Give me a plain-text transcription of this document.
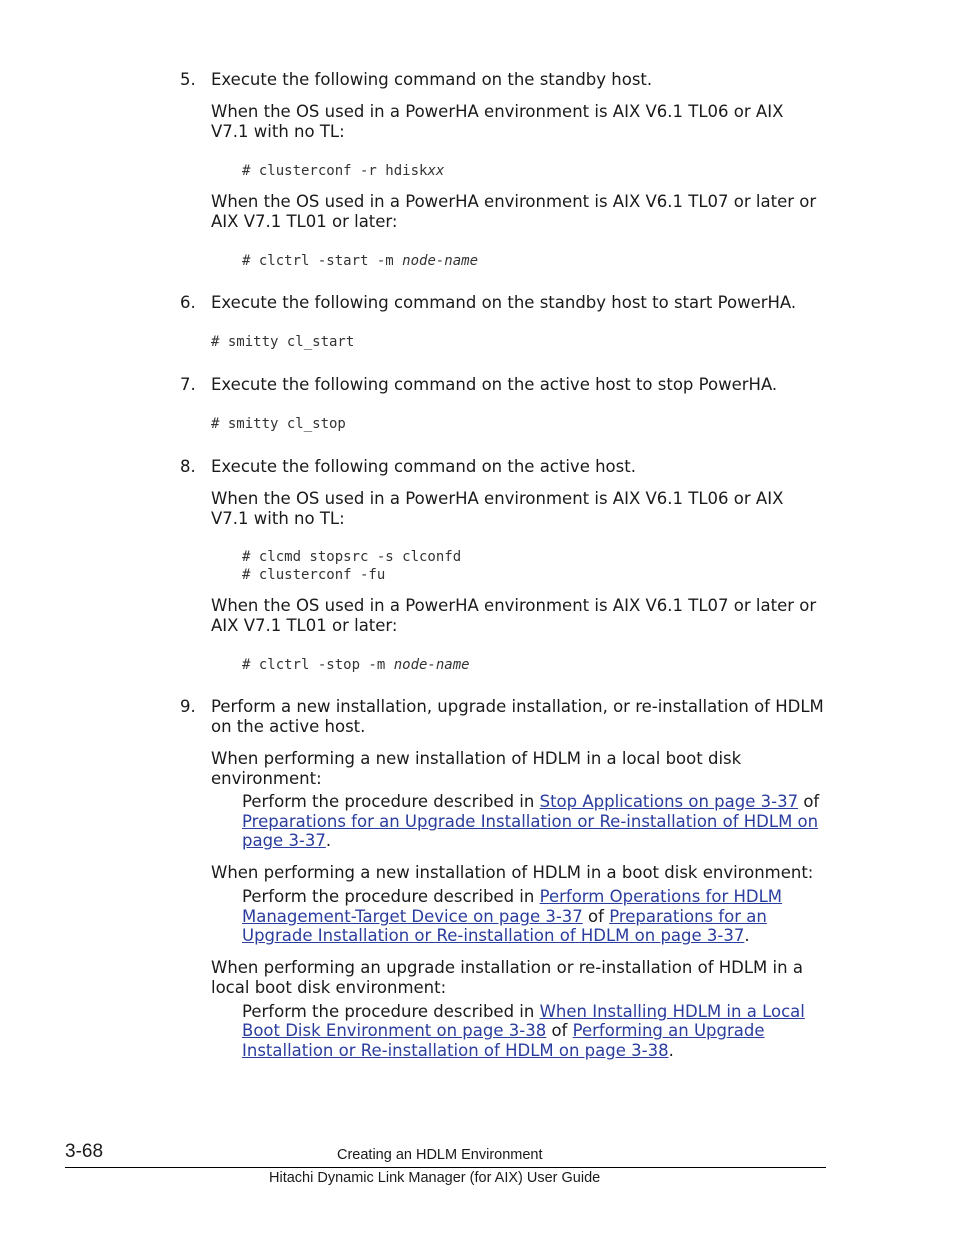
5. Execute the following command on the standby host.
When the OS used in a PowerHA environment is AIX V6.1 TL06 or AIX
V7.1 with no TL:
# clusterconf -r hdiskxx
When the OS used in a PowerHA environment is AIX V6.1 TL07 or later or
AIX V7.1 TL01 or later:
# clctrl -start -m node-name
6. Execute the following command on the standby host to start PowerHA.
# smitty cl_start
7. Execute the following command on the active host to stop PowerHA.
# smitty cl_stop
8. Execute the following command on the active host.
When the OS used in a PowerHA environment is AIX V6.1 TL06 or AIX
V7.1 with no TL:
# clcmd stopsrc -s clconfd
# clusterconf -fu
When the OS used in a PowerHA environment is AIX V6.1 TL07 or later or
AIX V7.1 TL01 or later:
# clctrl -stop -m node-name
9. Perform a new installation, upgrade installation, or re-installation of HDLM
on the active host.
When performing a new installation of HDLM in a local boot disk
environment:
Perform the procedure described in Stop Applications on page 3-37 of
Preparations for an Upgrade Installation or Re-installation of HDLM on
page 3-37.
When performing a new installation of HDLM in a boot disk environment:
Perform the procedure described in Perform Operations for HDLM
Management-Target Device on page 3-37 of Preparations for an
Upgrade Installation or Re-installation of HDLM on page 3-37.
When performing an upgrade installation or re-installation of HDLM in a
local boot disk environment:
Perform the procedure described in When Installing HDLM in a Local
Boot Disk Environment on page 3-38 of Performing an Upgrade
Installation or Re-installation of HDLM on page 3-38.
3-68	Creating an HDLM Environment
Hitachi Dynamic Link Manager (for AIX) User Guide
